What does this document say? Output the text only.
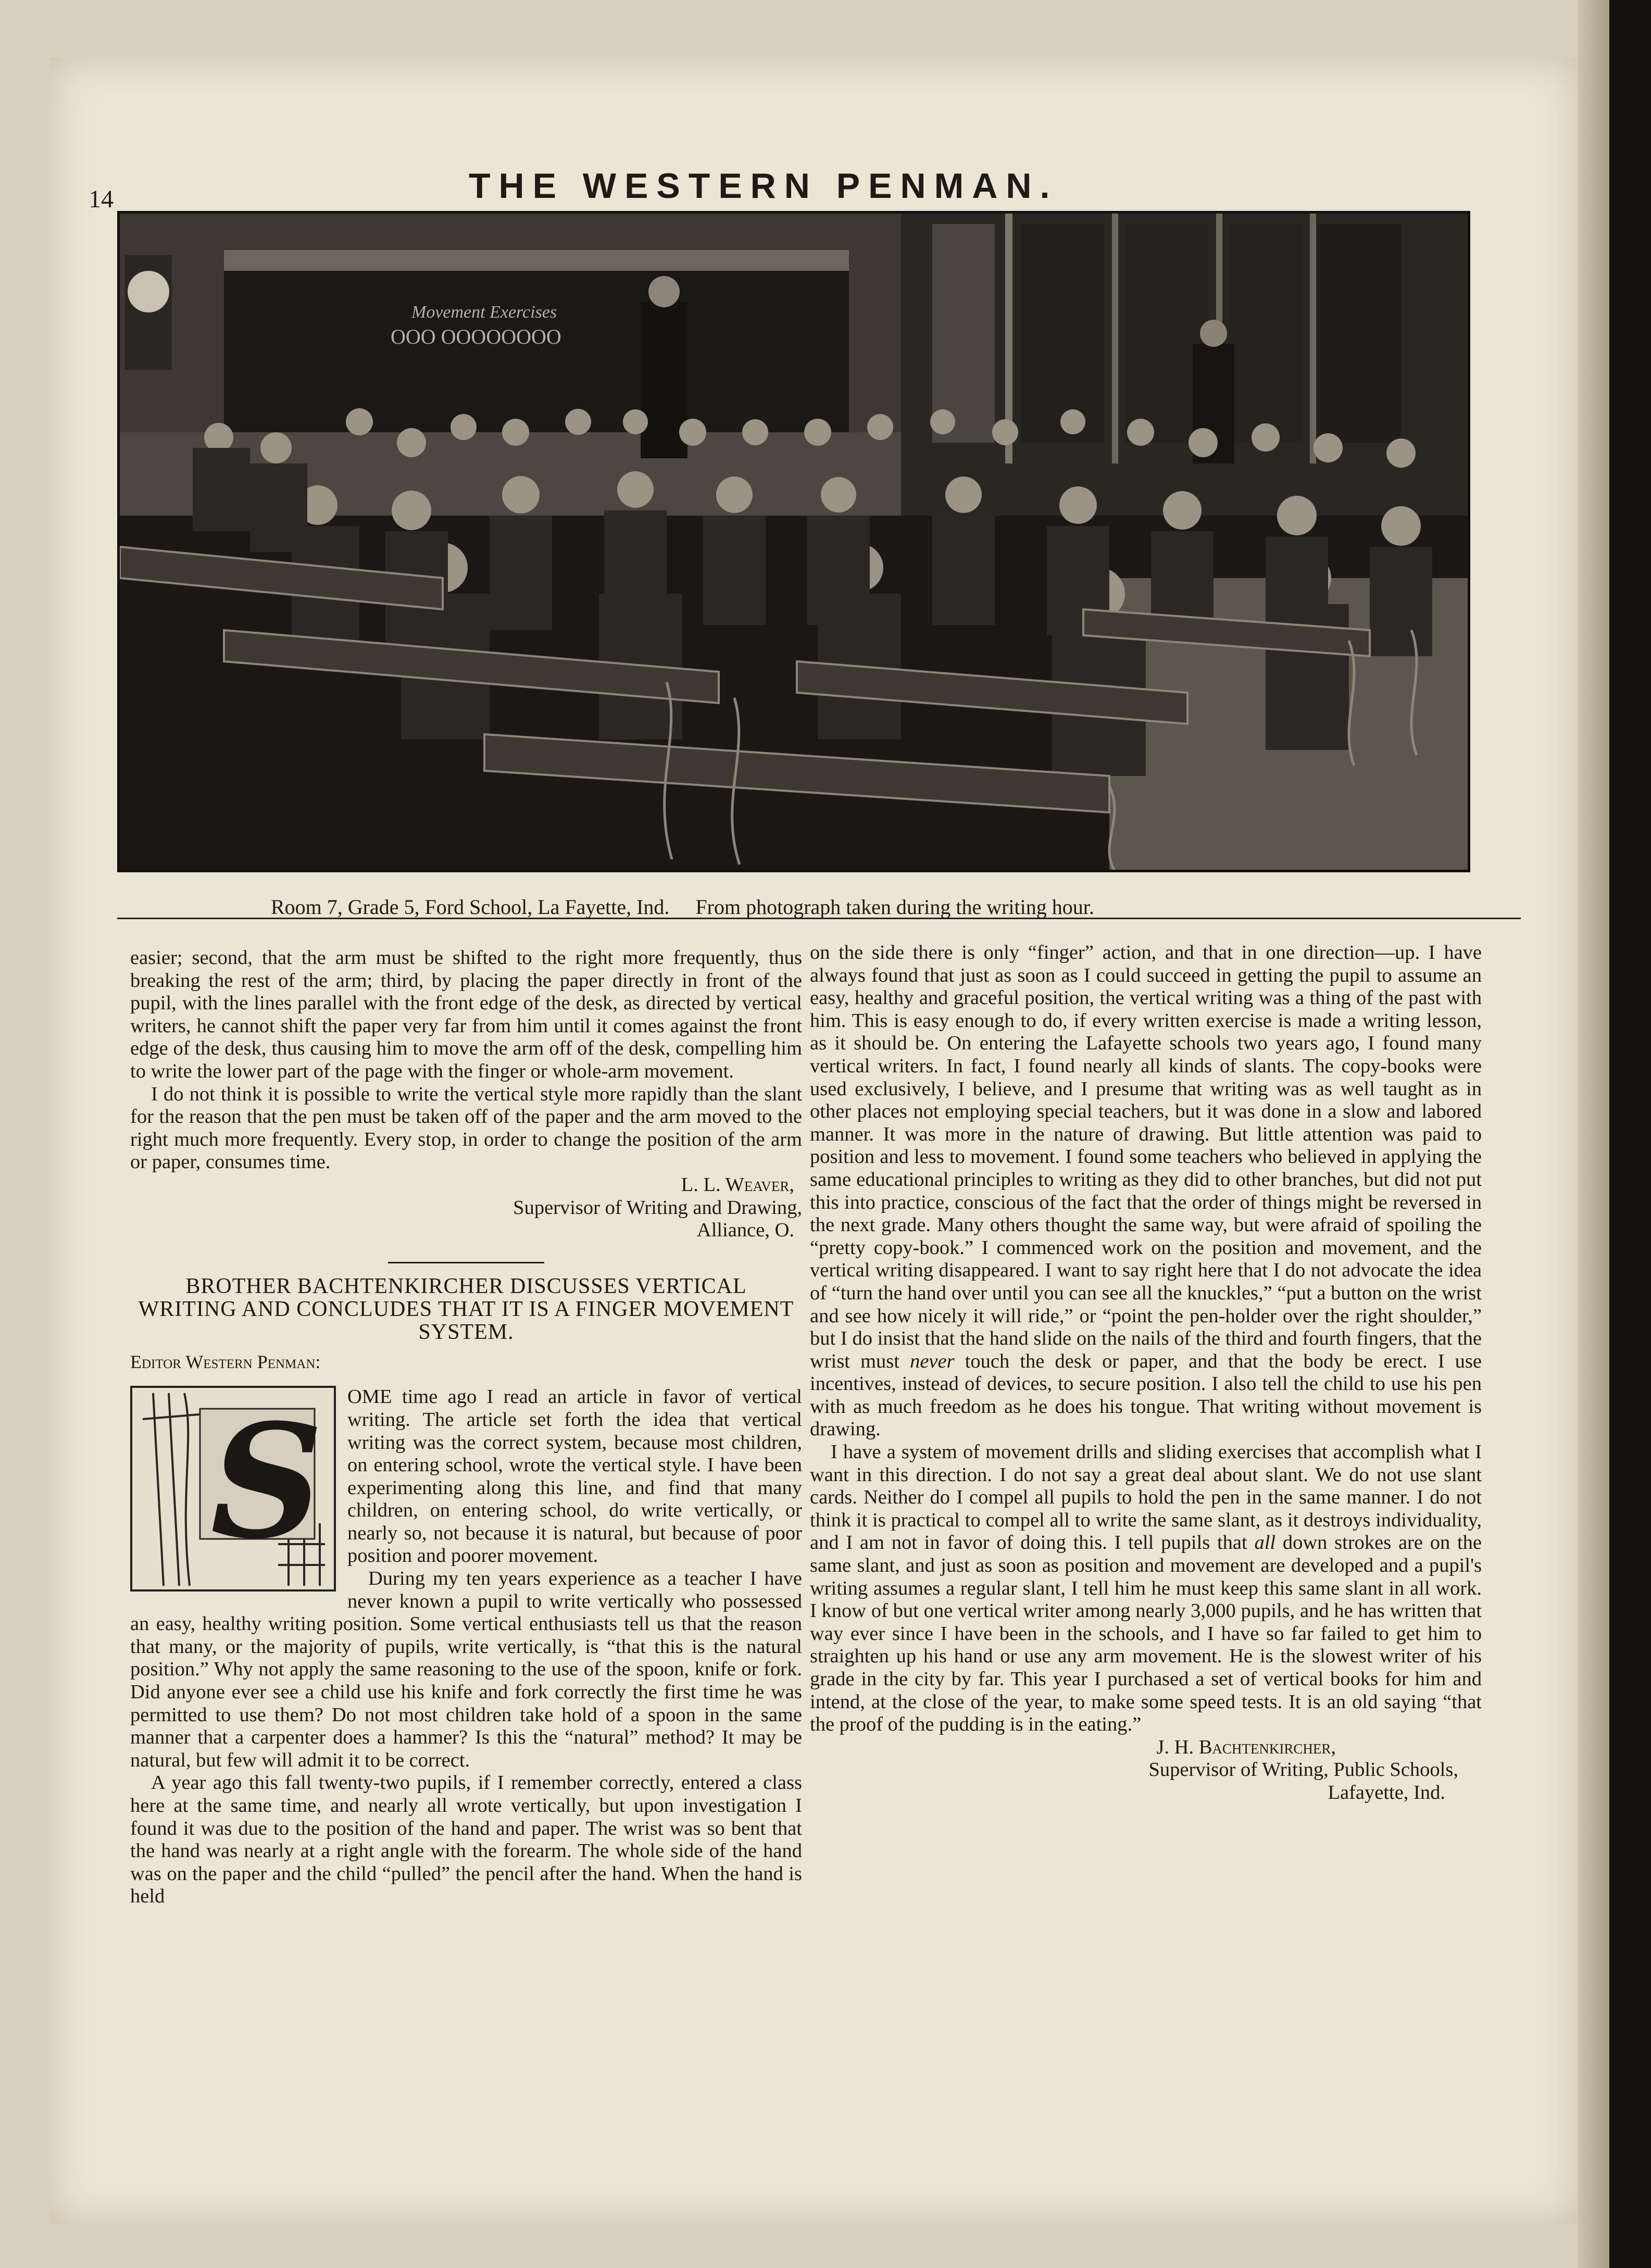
14	THE WESTERN PENMAN.
Movement Exercises
OOO OOOOOOOO
Room 7, Grade 5, Ford School, La Fayette, Ind. From photograph taken during the writing hour.

easier; second, that the arm must be shifted to the right more frequently, thus breaking the rest of the arm; third, by placing the paper directly in front of the pupil, with the lines parallel with the front edge of the desk, as directed by vertical writers, he cannot shift the paper very far from him until it comes against the front edge of the desk, thus causing him to move the arm off of the desk, compelling him to write the lower part of the page with the finger or whole-arm movement.

I do not think it is possible to write the vertical style more rapidly than the slant for the reason that the pen must be taken off of the paper and the arm moved to the right much more frequently. Every stop, in order to change the position of the arm or paper, consumes time.

L. L. Weaver,

Supervisor of Writing and Drawing,

Alliance, O.

BROTHER BACHTENKIRCHER DISCUSSES VERTICAL WRITING AND CONCLUDES THAT IT IS A FINGER MOVEMENT SYSTEM.
Editor Western Penman:
S	OME time ago I read an article in favor of vertical writing. The article set forth the idea that vertical writing was the correct system, because most children, on entering school, wrote the vertical style. I have been experimenting along this line, and find that many children, on entering school, do write vertically, or nearly so, not because it is natural, but because of poor position and poorer movement.

During my ten years experience as a teacher I have never known a pupil to write vertically who possessed an easy, healthy writing position. Some vertical enthusiasts tell us that the reason that many, or the majority of pupils, write vertically, is “that this is the natural position.” Why not apply the same reasoning to the use of the spoon, knife or fork. Did anyone ever see a child use his knife and fork correctly the first time he was permitted to use them? Do not most children take hold of a spoon in the same manner that a carpenter does a hammer? Is this the “natural” method? It may be natural, but few will admit it to be correct.

A year ago this fall twenty-two pupils, if I remember correctly, entered a class here at the same time, and nearly all wrote vertically, but upon investigation I found it was due to the position of the hand and paper. The wrist was so bent that the hand was nearly at a right angle with the forearm. The whole side of the hand was on the paper and the child “pulled” the pencil after the hand. When the hand is held

on the side there is only “finger” action, and that in one direction—up. I have always found that just as soon as I could succeed in getting the pupil to assume an easy, healthy and graceful position, the vertical writing was a thing of the past with him. This is easy enough to do, if every written exercise is made a writing lesson, as it should be. On entering the Lafayette schools two years ago, I found many vertical writers. In fact, I found nearly all kinds of slants. The copy-books were used exclusively, I believe, and I presume that writing was as well taught as in other places not employing special teachers, but it was done in a slow and labored manner. It was more in the nature of drawing. But little attention was paid to position and less to movement. I found some teachers who believed in applying the same educational principles to writing as they did to other branches, but did not put this into practice, conscious of the fact that the order of things might be reversed in the next grade. Many others thought the same way, but were afraid of spoiling the “pretty copy-book.” I commenced work on the position and movement, and the vertical writing disappeared. I want to say right here that I do not advocate the idea of “turn the hand over until you can see all the knuckles,” “put a button on the wrist and see how nicely it will ride,” or “point the pen-holder over the right shoulder,” but I do insist that the hand slide on the nails of the third and fourth fingers, that the wrist must never touch the desk or paper, and that the body be erect. I use incentives, instead of devices, to secure position. I also tell the child to use his pen with as much freedom as he does his tongue. That writing without movement is drawing.

I have a system of movement drills and sliding exercises that accomplish what I want in this direction. I do not say a great deal about slant. We do not use slant cards. Neither do I compel all pupils to hold the pen in the same manner. I do not think it is practical to compel all to write the same slant, as it destroys individuality, and I am not in favor of doing this. I tell pupils that all down strokes are on the same slant, and just as soon as position and movement are developed and a pupil's writing assumes a regular slant, I tell him he must keep this same slant in all work. I know of but one vertical writer among nearly 3,000 pupils, and he has written that way ever since I have been in the schools, and I have so far failed to get him to straighten up his hand or use any arm movement. He is the slowest writer of his grade in the city by far. This year I purchased a set of vertical books for him and intend, at the close of the year, to make some speed tests. It is an old saying “that the proof of the pudding is in the eating.”

J. H. Bachtenkircher,

Supervisor of Writing, Public Schools,

Lafayette, Ind.
